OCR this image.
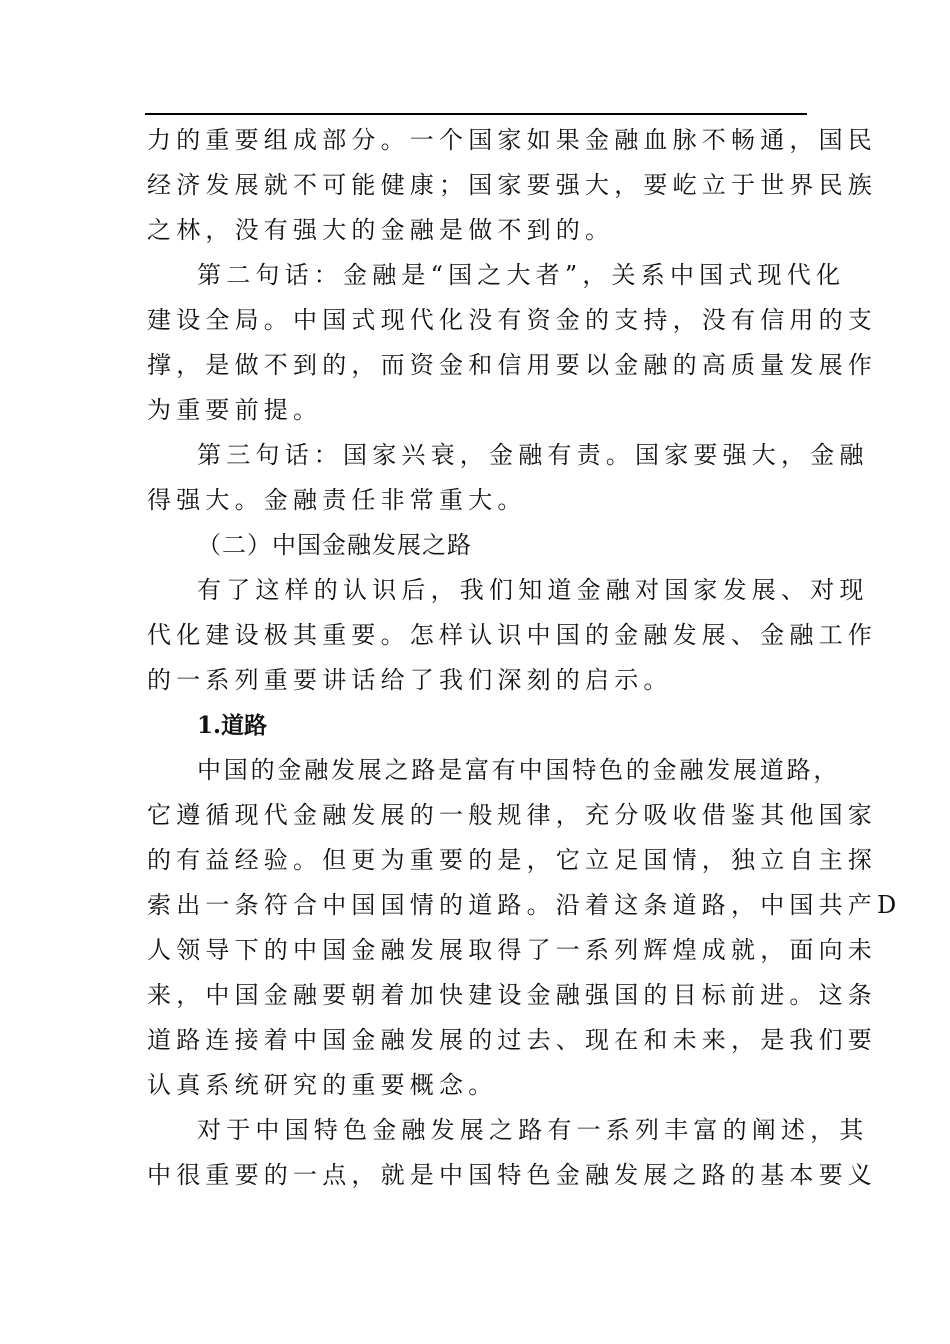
力的重要组成部分。一个国家如果金融血脉不畅通，国民
经济发展就不可能健康；国家要强大，要屹立于世界民族
之林，没有强大的金融是做不到的。
第二句话：金融是“国之大者”，关系中国式现代化
建设全局。中国式现代化没有资金的支持，没有信用的支
撑，是做不到的，而资金和信用要以金融的高质量发展作
为重要前提。
第三句话：国家兴衰，金融有责。国家要强大，金融
得强大。金融责任非常重大。
（二）中国金融发展之路
有了这样的认识后，我们知道金融对国家发展、对现
代化建设极其重要。怎样认识中国的金融发展、金融工作
的一系列重要讲话给了我们深刻的启示。
1.道路
中国的金融发展之路是富有中国特色的金融发展道路，
它遵循现代金融发展的一般规律，充分吸收借鉴其他国家
的有益经验。但更为重要的是，它立足国情，独立自主探
索出一条符合中国国情的道路。沿着这条道路，中国共产D
人领导下的中国金融发展取得了一系列辉煌成就，面向未
来，中国金融要朝着加快建设金融强国的目标前进。这条
道路连接着中国金融发展的过去、现在和未来，是我们要
认真系统研究的重要概念。
对于中国特色金融发展之路有一系列丰富的阐述，其
中很重要的一点，就是中国特色金融发展之路的基本要义
